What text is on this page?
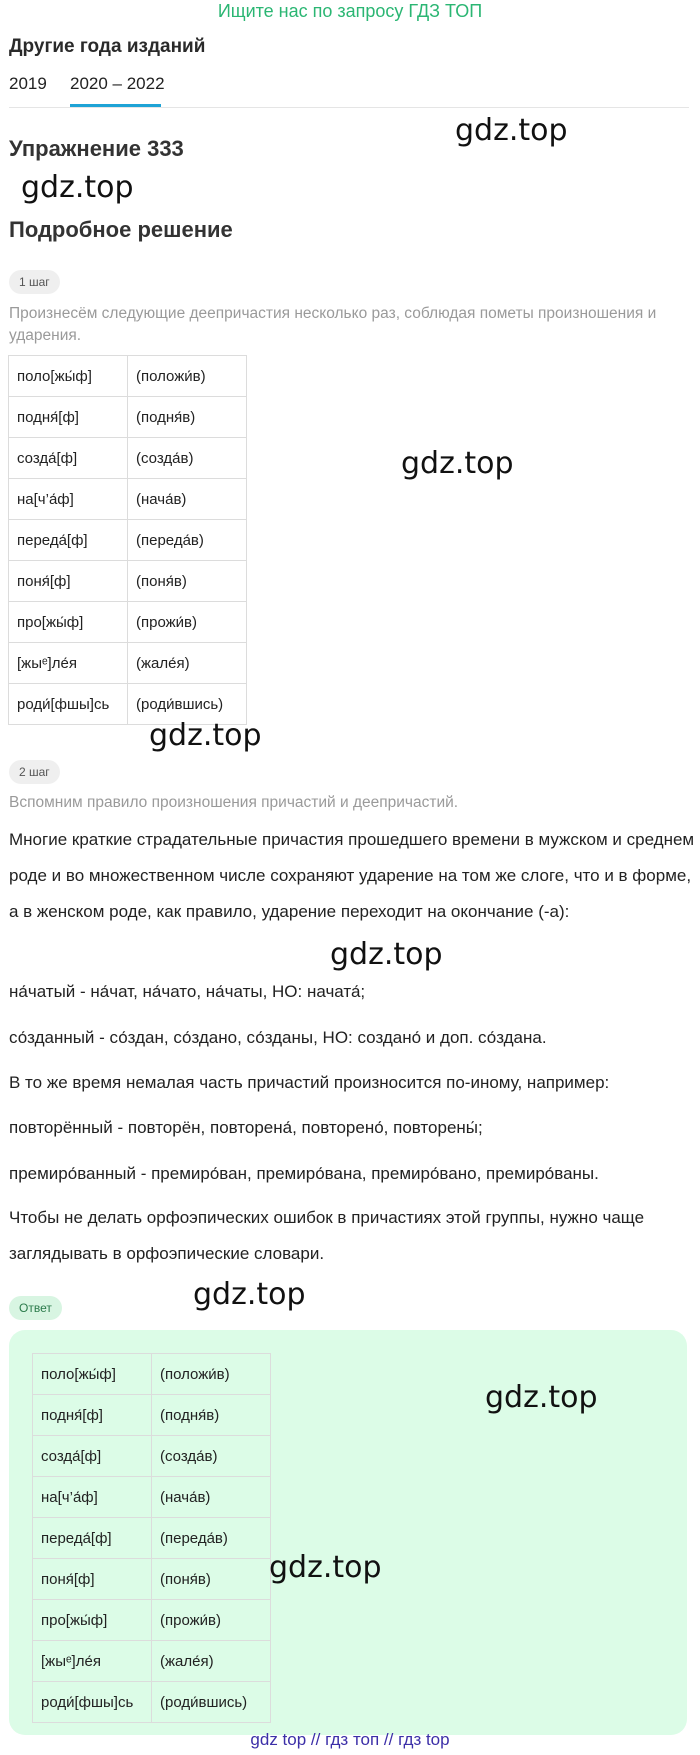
Ищите нас по запросу ГДЗ ТОП
Другие года изданий
2019 2020 – 2022
Упражнение 333
gdz.top
gdz.top
Подробное решение
1 шаг
Произнесём следующие деепричастия несколько раз, соблюдая пометы произношения и ударения.
поло[жы́ф]	(положи́в)
подня́[ф]	(подня́в)
созда́[ф]	(созда́в)
на[ч’а́ф]	(нача́в)
переда́[ф]	(переда́в)
поня́[ф]	(поня́в)
про[жы́ф]	(прожи́в)
[жыᵉ]ле́я	(жале́я)
роди́[фшы]сь	(роди́вшись)
gdz.top
gdz.top
2 шаг
Вспомним правило произношения причастий и деепричастий.
Многие краткие страдательные причастия прошедшего времени в мужском и среднем роде и во множественном числе сохраняют ударение на том же слоге, что и в форме, а в женском роде, как правило, ударение переходит на окончание (-а):
gdz.top
на́чатый - на́чат, на́чато, на́чаты, НО: начата́;
со́зданный - со́здан, со́здано, со́зданы, НО: создано́ и доп. со́здана.
В то же время немалая часть причастий произносится по-иному, например:
повторённый - повторён, повторена́, повторено́, повторены́;
премиро́ванный - премиро́ван, премиро́вана, премиро́вано, премиро́ваны.
Чтобы не делать орфоэпических ошибок в причастиях этой группы, нужно чаще заглядывать в орфоэпические словари.
Ответ	gdz.top
поло[жы́ф]	(положи́в)
подня́[ф]	(подня́в)
созда́[ф]	(созда́в)
на[ч’а́ф]	(нача́в)
переда́[ф]	(переда́в)
поня́[ф]	(поня́в)
про[жы́ф]	(прожи́в)
[жыᵉ]ле́я	(жале́я)
роди́[фшы]сь	(роди́вшись)
gdz.top
gdz.top
gdz top // гдз топ // гдз top
